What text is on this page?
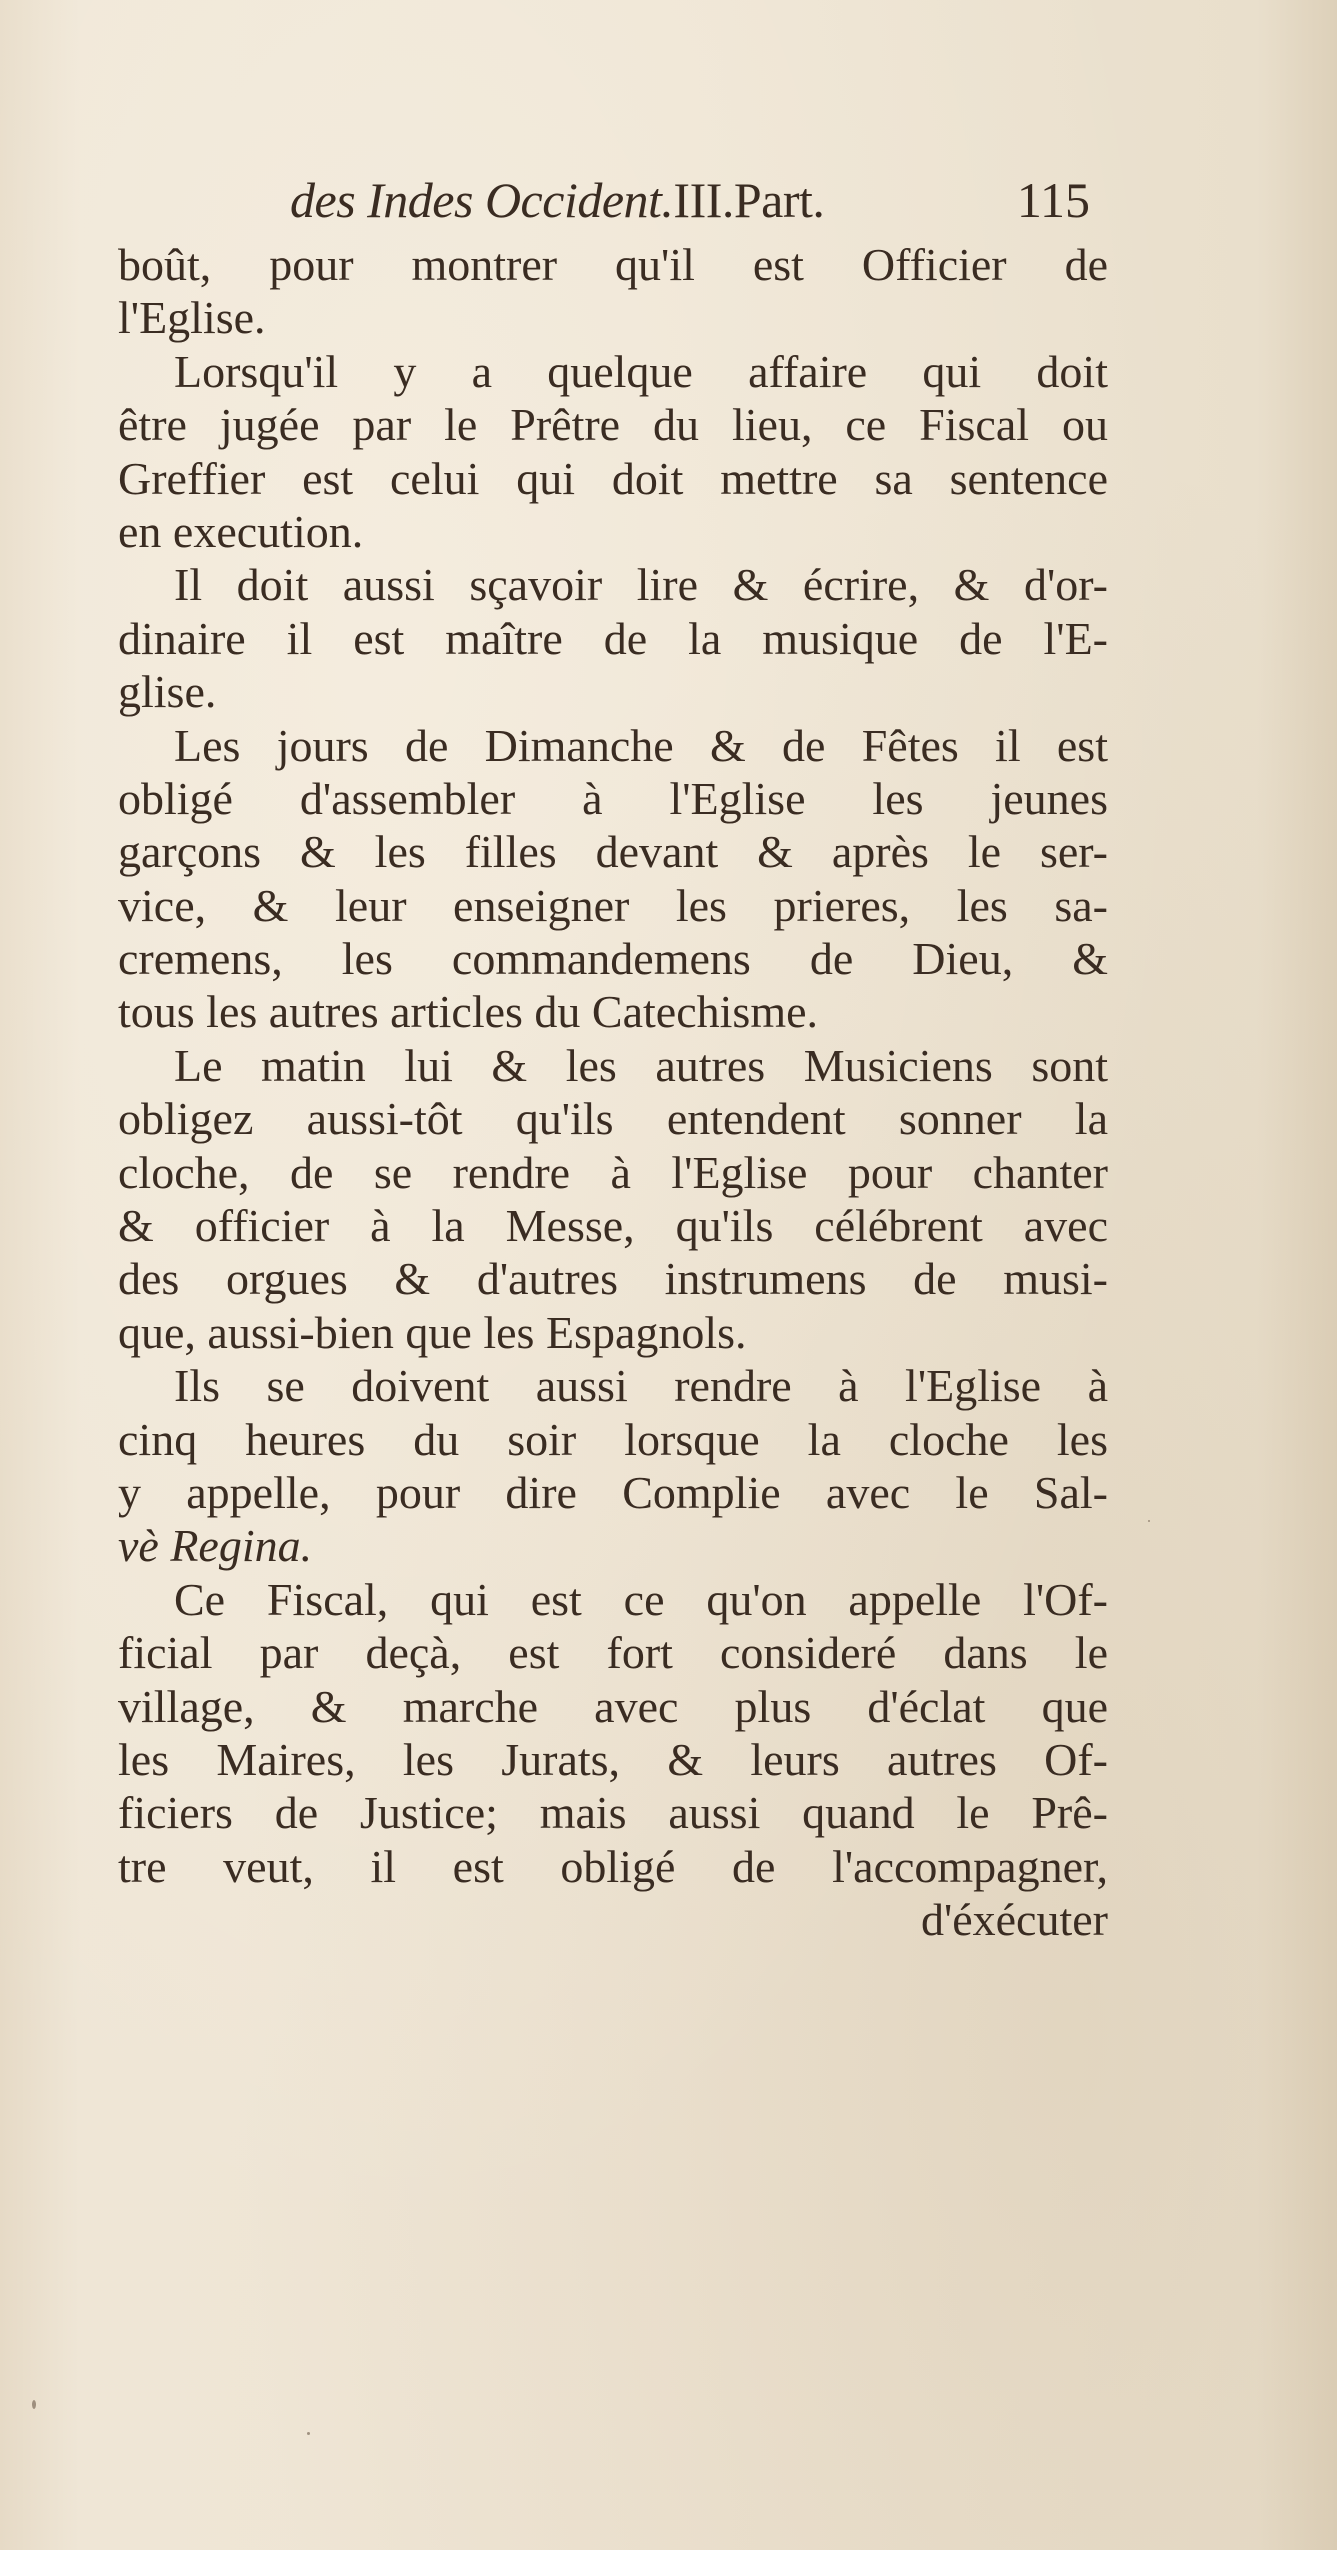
des Indes Occident.III.Part.	115
boût, pour montrer qu'il est Officier de
l'Eglise.
Lorsqu'il y a quelque affaire qui doit
être jugée par le Prêtre du lieu, ce Fiscal ou
Greffier est celui qui doit mettre sa sentence
en execution.
Il doit aussi sçavoir lire & écrire, & d'or-
dinaire il est maître de la musique de l'E-
glise.
Les jours de Dimanche & de Fêtes il est
obligé d'assembler à l'Eglise les jeunes
garçons & les filles devant & après le ser-
vice, & leur enseigner les prieres, les sa-
cremens, les commandemens de Dieu, &
tous les autres articles du Catechisme.
Le matin lui & les autres Musiciens sont
obligez aussi-tôt qu'ils entendent sonner la
cloche, de se rendre à l'Eglise pour chanter
& officier à la Messe, qu'ils célébrent avec
des orgues & d'autres instrumens de musi-
que, aussi-bien que les Espagnols.
Ils se doivent aussi rendre à l'Eglise à
cinq heures du soir lorsque la cloche les
y appelle, pour dire Complie avec le Sal-
vè Regina.
Ce Fiscal, qui est ce qu'on appelle l'Of-
ficial par deçà, est fort consideré dans le
village, & marche avec plus d'éclat que
les Maires, les Jurats, & leurs autres Of-
ficiers de Justice; mais aussi quand le Prê-
tre veut, il est obligé de l'accompagner,
d'éxécuter
